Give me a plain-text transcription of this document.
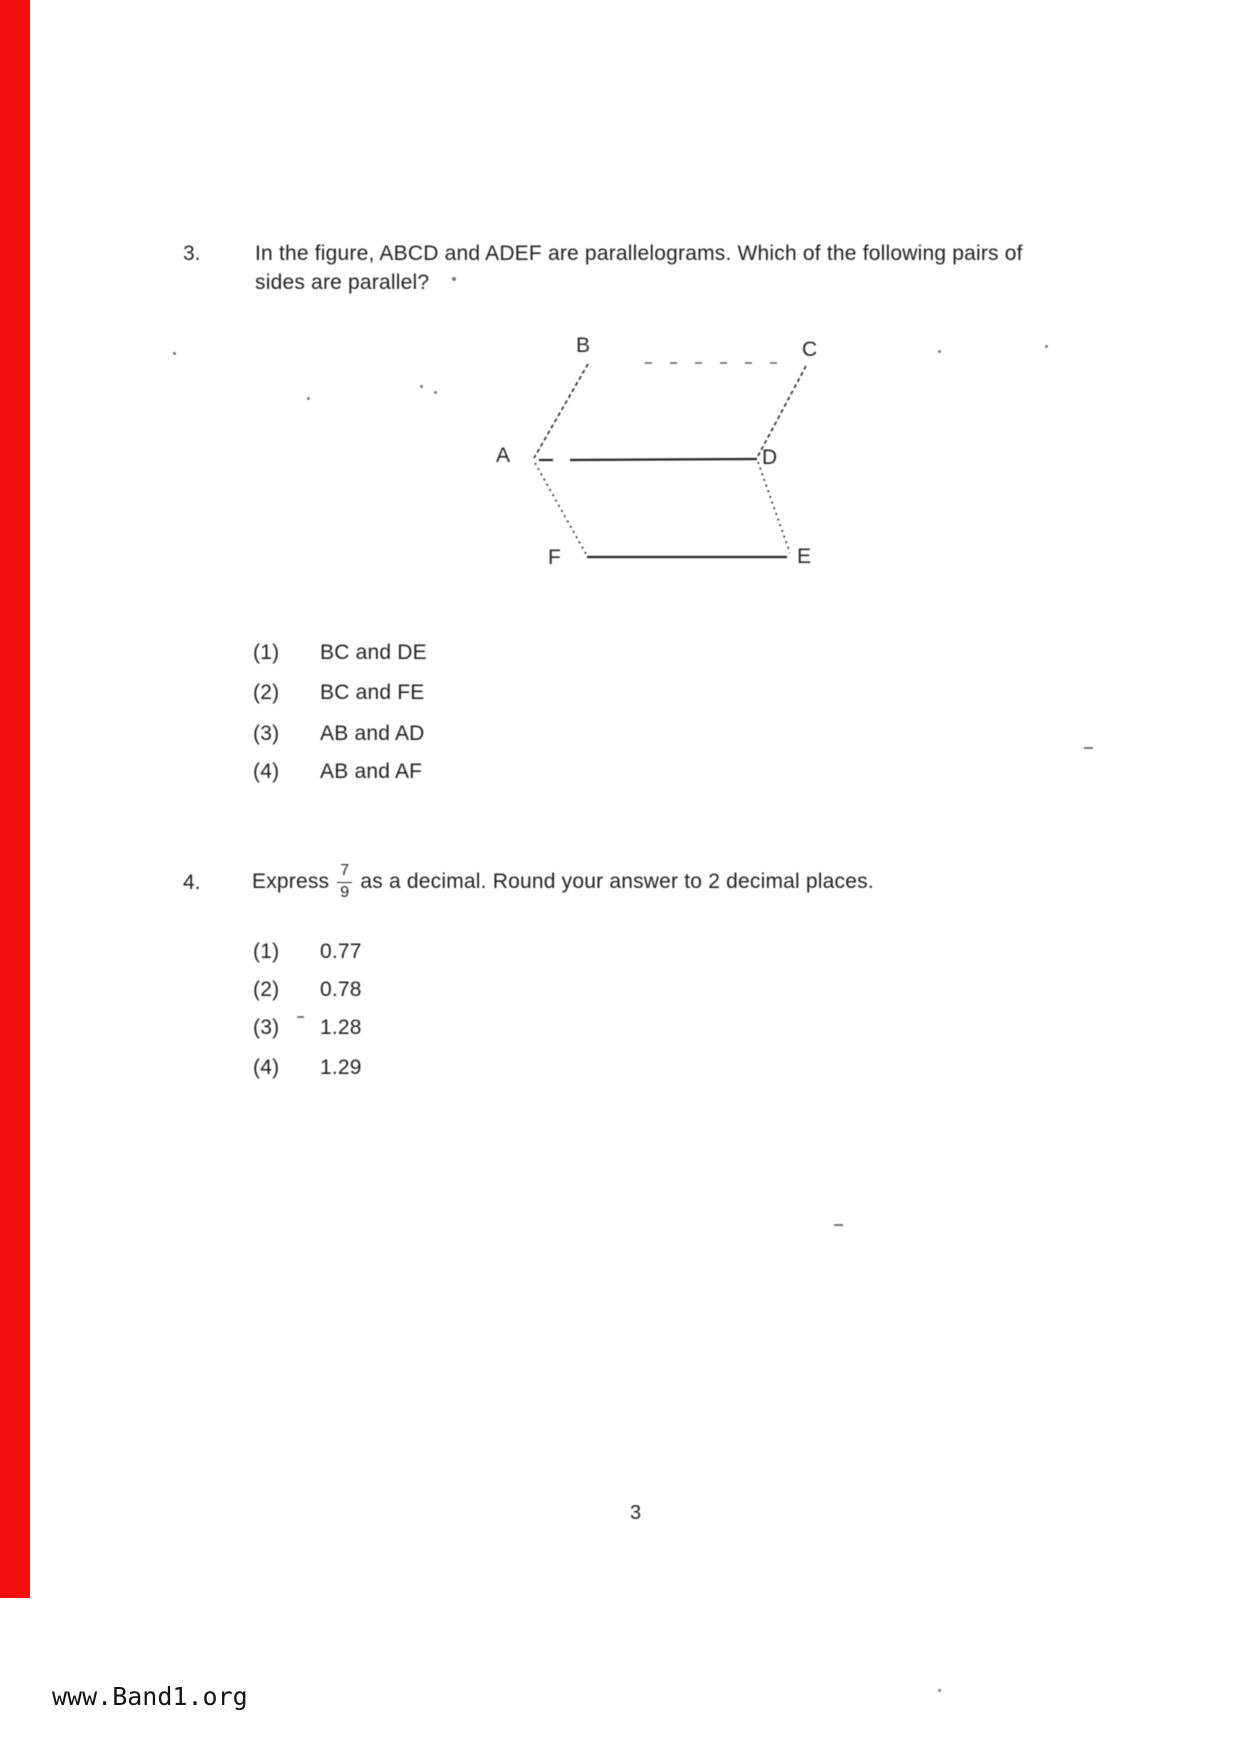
3.	In the figure, ABCD and ADEF are parallelograms. Which of the following pairs of
sides are parallel?
B	C
A	D
F	E
(1)	BC and DE
(2)	BC and FE
(3)	AB and AD
(4)	AB and AF
4. Express $\frac{7}{9}$ as a decimal. Round your answer to 2 decimal places.
(1)	0.77
(2)	0.78
(3)	1.28
(4)	1.29
3
www.Band1.org
